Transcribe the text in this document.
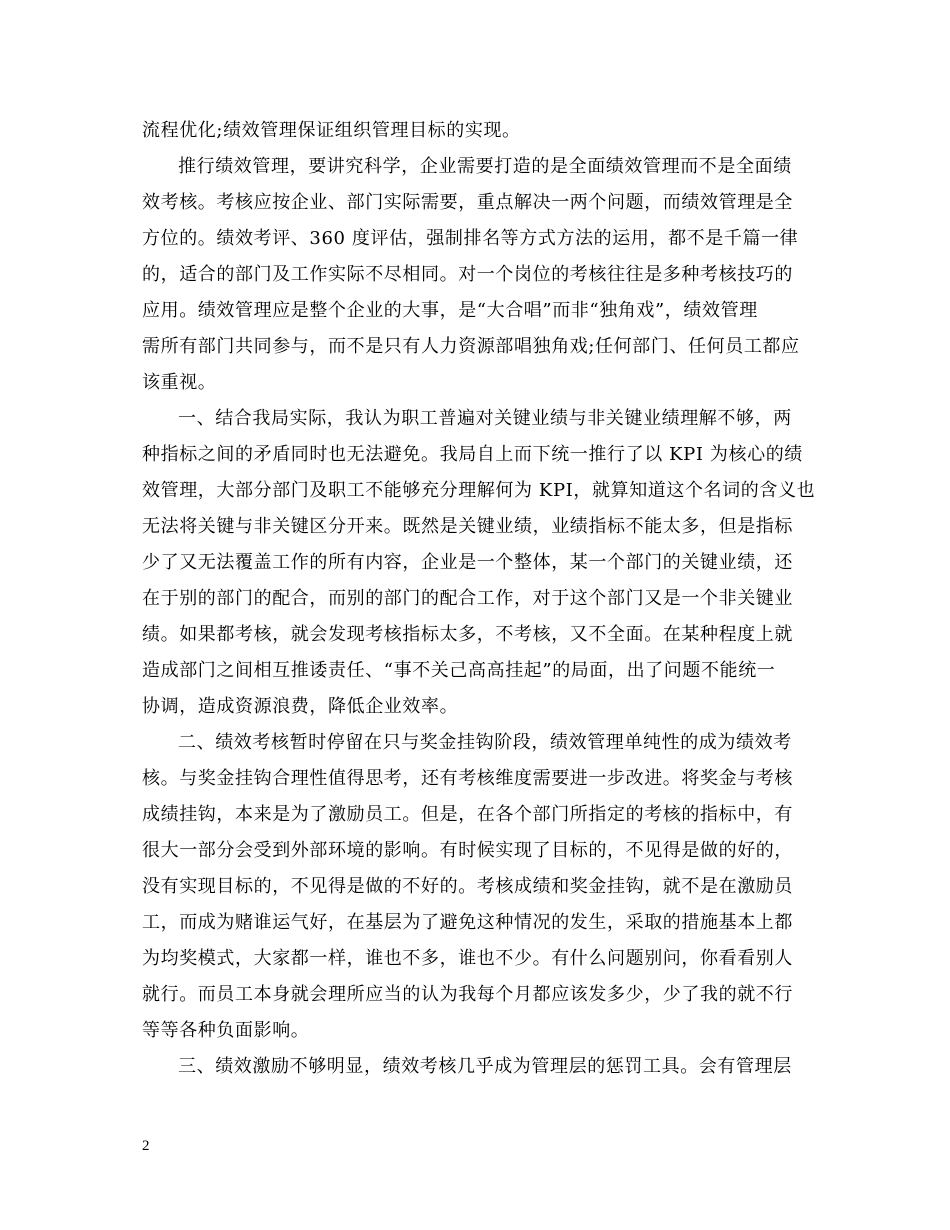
流程优化;绩效管理保证组织管理目标的实现。
推行绩效管理，要讲究科学，企业需要打造的是全面绩效管理而不是全面绩
效考核。考核应按企业、部门实际需要，重点解决一两个问题，而绩效管理是全
方位的。绩效考评、360 度评估，强制排名等方式方法的运用，都不是千篇一律
的，适合的部门及工作实际不尽相同。对一个岗位的考核往往是多种考核技巧的
应用。绩效管理应是整个企业的大事，是“大合唱”而非“独角戏”，绩效管理
需所有部门共同参与，而不是只有人力资源部唱独角戏;任何部门、任何员工都应
该重视。
一、结合我局实际，我认为职工普遍对关键业绩与非关键业绩理解不够，两
种指标之间的矛盾同时也无法避免。我局自上而下统一推行了以 KPI 为核心的绩
效管理，大部分部门及职工不能够充分理解何为 KPI，就算知道这个名词的含义也
无法将关键与非关键区分开来。既然是关键业绩，业绩指标不能太多，但是指标
少了又无法覆盖工作的所有内容，企业是一个整体，某一个部门的关键业绩，还
在于别的部门的配合，而别的部门的配合工作，对于这个部门又是一个非关键业
绩。如果都考核，就会发现考核指标太多，不考核，又不全面。在某种程度上就
造成部门之间相互推诿责任、“事不关己高高挂起”的局面，出了问题不能统一
协调，造成资源浪费，降低企业效率。
二、绩效考核暂时停留在只与奖金挂钩阶段，绩效管理单纯性的成为绩效考
核。与奖金挂钩合理性值得思考，还有考核维度需要进一步改进。将奖金与考核
成绩挂钩，本来是为了激励员工。但是，在各个部门所指定的考核的指标中，有
很大一部分会受到外部环境的影响。有时候实现了目标的，不见得是做的好的，
没有实现目标的，不见得是做的不好的。考核成绩和奖金挂钩，就不是在激励员
工，而成为赌谁运气好，在基层为了避免这种情况的发生，采取的措施基本上都
为均奖模式，大家都一样，谁也不多，谁也不少。有什么问题别问，你看看别人
就行。而员工本身就会理所应当的认为我每个月都应该发多少，少了我的就不行
等等各种负面影响。
三、绩效激励不够明显，绩效考核几乎成为管理层的惩罚工具。会有管理层
2
